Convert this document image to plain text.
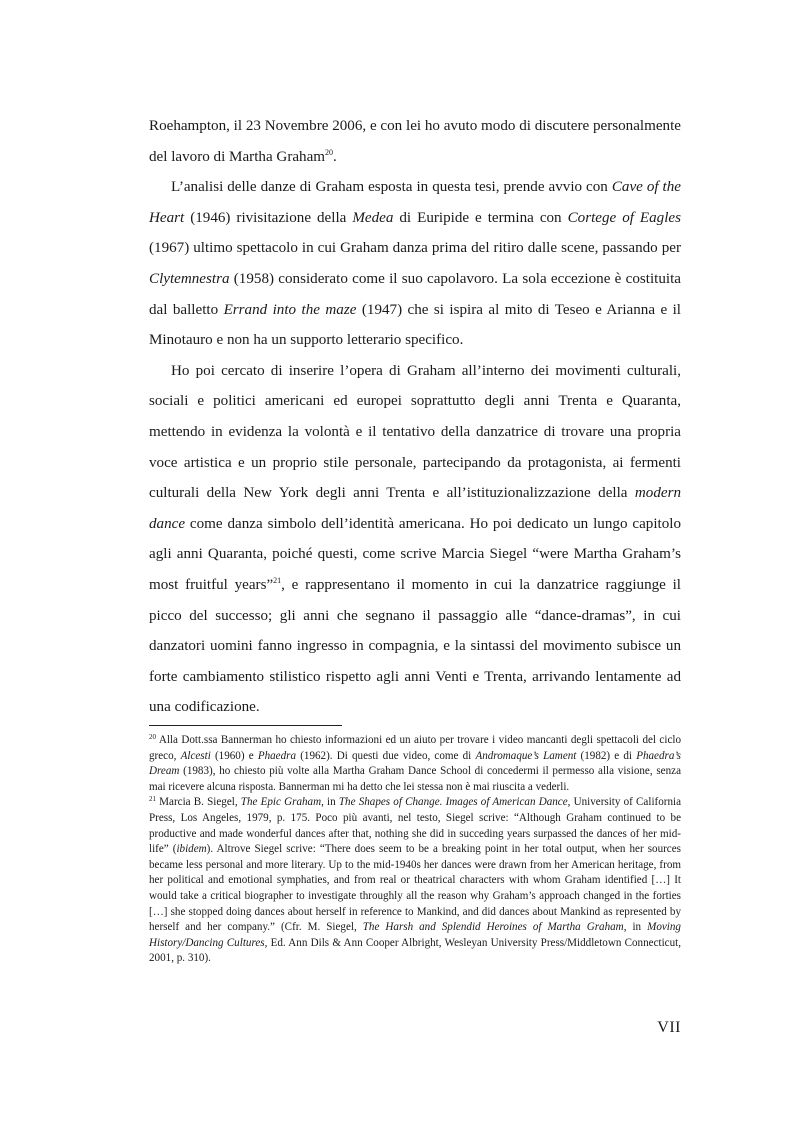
Roehampton, il 23 Novembre 2006, e con lei ho avuto modo di discutere personalmente del lavoro di Martha Graham$^{20}$.

L’analisi delle danze di Graham esposta in questa tesi, prende avvio con Cave of the Heart (1946) rivisitazione della Medea di Euripide e termina con Cortege of Eagles (1967) ultimo spettacolo in cui Graham danza prima del ritiro dalle scene, passando per Clytemnestra (1958) considerato come il suo capolavoro. La sola eccezione è costituita dal balletto Errand into the maze (1947) che si ispira al mito di Teseo e Arianna e il Minotauro e non ha un supporto letterario specifico.

Ho poi cercato di inserire l’opera di Graham all’interno dei movimenti culturali, sociali e politici americani ed europei soprattutto degli anni Trenta e Quaranta, mettendo in evidenza la volontà e il tentativo della danzatrice di trovare una propria voce artistica e un proprio stile personale, partecipando da protagonista, ai fermenti culturali della New York degli anni Trenta e all’istituzionalizzazione della modern dance come danza simbolo dell’identità americana. Ho poi dedicato un lungo capitolo agli anni Quaranta, poiché questi, come scrive Marcia Siegel “were Martha Graham’s most fruitful years”$^{21}$, e rappresentano il momento in cui la danzatrice raggiunge il picco del successo; gli anni che segnano il passaggio alle “dance-dramas”, in cui danzatori uomini fanno ingresso in compagnia, e la sintassi del movimento subisce un forte cambiamento stilistico rispetto agli anni Venti e Trenta, arrivando lentamente ad una codificazione.

$^{20}$ Alla Dott.ssa Bannerman ho chiesto informazioni ed un aiuto per trovare i video mancanti degli spettacoli del ciclo greco, Alcesti (1960) e Phaedra (1962). Di questi due video, come di Andromaque’s Lament (1982) e di Phaedra’s Dream (1983), ho chiesto più volte alla Martha Graham Dance School di concedermi il permesso alla visione, senza mai ricevere alcuna risposta. Bannerman mi ha detto che lei stessa non è mai riuscita a vederli.

$^{21}$ Marcia B. Siegel, The Epic Graham, in The Shapes of Change. Images of American Dance, University of California Press, Los Angeles, 1979, p. 175. Poco più avanti, nel testo, Siegel scrive: “Although Graham continued to be productive and made wonderful dances after that, nothing she did in succeding years surpassed the dances of her mid-life” (ibidem). Altrove Siegel scrive: “There does seem to be a breaking point in her total output, when her sources became less personal and more literary. Up to the mid-1940s her dances were drawn from her American heritage, from her political and emotional symphaties, and from real or theatrical characters with whom Graham identified […] It would take a critical biographer to investigate throughly all the reason why Graham’s approach changed in the forties […] she stopped doing dances about herself in reference to Mankind, and did dances about Mankind as represented by herself and her company.” (Cfr. M. Siegel, The Harsh and Splendid Heroines of Martha Graham, in Moving History/Dancing Cultures, Ed. Ann Dils & Ann Cooper Albright, Wesleyan University Press/Middletown Connecticut, 2001, p. 310).

VII
